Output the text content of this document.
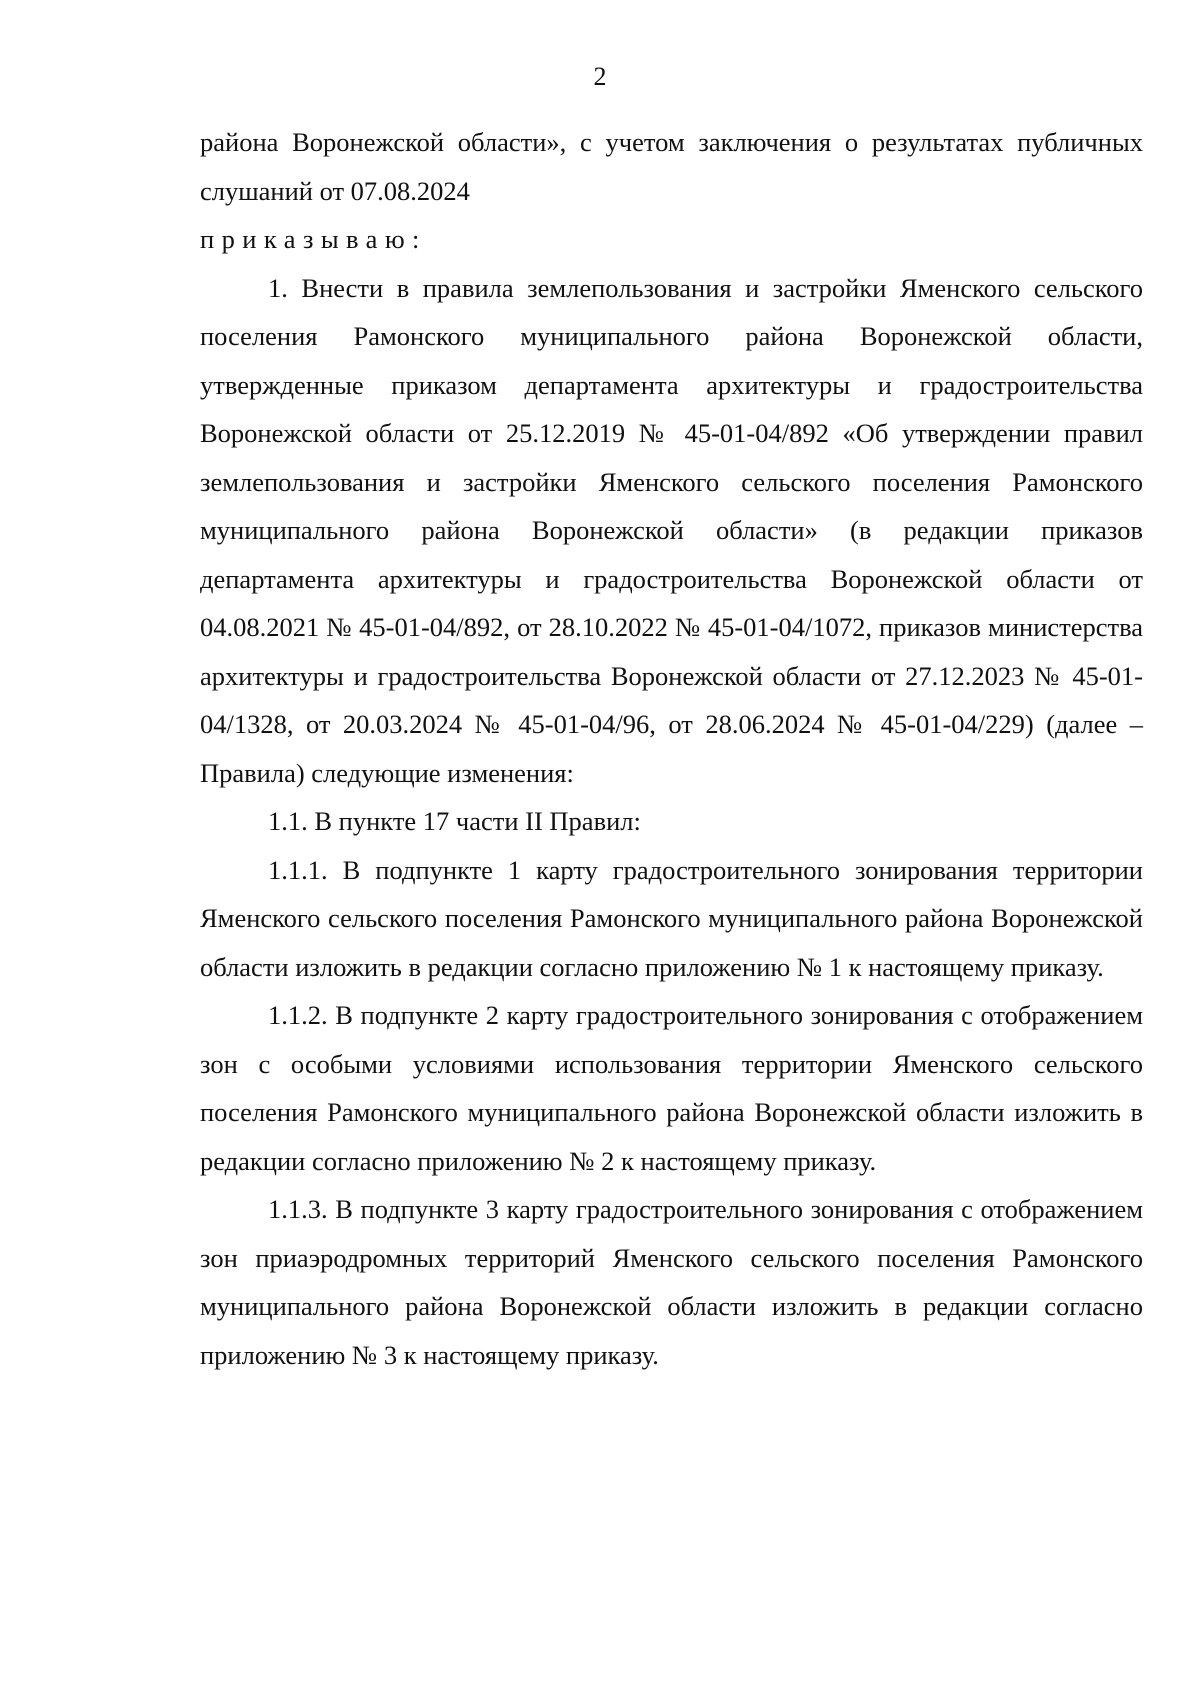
2

района Воронежской области», с учетом заключения о результатах публичных слушаний от 07.08.2024

приказываю:

1. Внести в правила землепользования и застройки Яменского сельского поселения Рамонского муниципального района Воронежской области, утвержденные приказом департамента архитектуры и градостроительства Воронежской области от 25.12.2019 № 45-01-04/892 «Об утверждении правил землепользования и застройки Яменского сельского поселения Рамонского муниципального района Воронежской области» (в редакции приказов департамента архитектуры и градостроительства Воронежской области от 04.08.2021 № 45-01-04/892, от 28.10.2022 № 45-01-04/1072, приказов министерства архитектуры и градостроительства Воронежской области от 27.12.2023 № 45-01-04/1328, от 20.03.2024 № 45-01-04/96, от 28.06.2024 № 45-01-04/229) (далее – Правила) следующие изменения:

1.1. В пункте 17 части II Правил:

1.1.1. В подпункте 1 карту градостроительного зонирования территории Яменского сельского поселения Рамонского муниципального района Воронежской области изложить в редакции согласно приложению № 1 к настоящему приказу.

1.1.2. В подпункте 2 карту градостроительного зонирования с отображением зон с особыми условиями использования территории Яменского сельского поселения Рамонского муниципального района Воронежской области изложить в редакции согласно приложению № 2 к настоящему приказу.

1.1.3. В подпункте 3 карту градостроительного зонирования с отображением зон приаэродромных территорий Яменского сельского поселения Рамонского муниципального района Воронежской области изложить в редакции согласно приложению № 3 к настоящему приказу.
